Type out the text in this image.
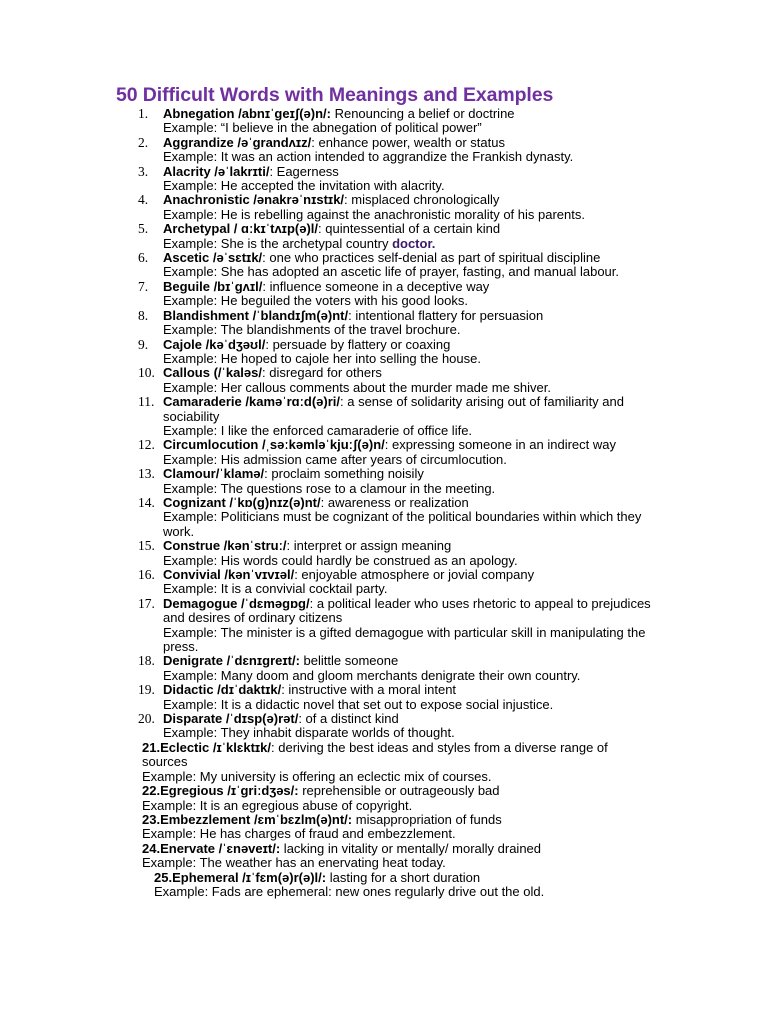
50 Difficult Words with Meanings and Examples
1. Abnegation /abnɪˈɡeɪʃ(ə)n/: Renouncing a belief or doctrine
Example: “I believe in the abnegation of political power”
2. Aggrandize /əˈɡrandʌɪz/: enhance power, wealth or status
Example: It was an action intended to aggrandize the Frankish dynasty.
3. Alacrity /əˈlakrɪti/: Eagerness
Example: He accepted the invitation with alacrity.
4. Anachronistic /ənakrəˈnɪstɪk/: misplaced chronologically
Example: He is rebelling against the anachronistic morality of his parents.
5. Archetypal / ɑːkɪˈtʌɪp(ə)l/: quintessential of a certain kind
Example: She is the archetypal country doctor.
6. Ascetic /əˈsɛtɪk/: one who practices self-denial as part of spiritual discipline
Example: She has adopted an ascetic life of prayer, fasting, and manual labour.
7. Beguile /bɪˈɡʌɪl/: influence someone in a deceptive way
Example: He beguiled the voters with his good looks.
8. Blandishment /ˈblandɪʃm(ə)nt/: intentional flattery for persuasion
Example: The blandishments of the travel brochure.
9. Cajole /kəˈdʒəʊl/: persuade by flattery or coaxing
Example: He hoped to cajole her into selling the house.
10. Callous (/ˈkaləs/: disregard for others
Example: Her callous comments about the murder made me shiver.
11. Camaraderie /kaməˈrɑːd(ə)ri/: a sense of solidarity arising out of familiarity and sociability
Example: I like the enforced camaraderie of office life.
12. Circumlocution /ˌsəːkəmləˈkjuːʃ(ə)n/: expressing someone in an indirect way
Example: His admission came after years of circumlocution.
13. Clamour/ˈklamə/: proclaim something noisily
Example: The questions rose to a clamour in the meeting.
14. Cognizant /ˈkɒ(ɡ)nɪz(ə)nt/: awareness or realization
Example: Politicians must be cognizant of the political boundaries within which they work.
15. Construe /kənˈstruː/: interpret or assign meaning
Example: His words could hardly be construed as an apology.
16. Convivial /kənˈvɪvɪəl/: enjoyable atmosphere or jovial company
Example: It is a convivial cocktail party.
17. Demagogue /ˈdɛməɡɒɡ/: a political leader who uses rhetoric to appeal to prejudices and desires of ordinary citizens
Example: The minister is a gifted demagogue with particular skill in manipulating the press.
18. Denigrate /ˈdɛnɪɡreɪt/: belittle someone
Example: Many doom and gloom merchants denigrate their own country.
19. Didactic /dɪˈdaktɪk/: instructive with a moral intent
Example: It is a didactic novel that set out to expose social injustice.
20. Disparate /ˈdɪsp(ə)rət/: of a distinct kind
Example: They inhabit disparate worlds of thought.
21.Eclectic /ɪˈklɛktɪk/: deriving the best ideas and styles from a diverse range of sources
Example: My university is offering an eclectic mix of courses.
22.Egregious /ɪˈɡriːdʒəs/: reprehensible or outrageously bad
Example: It is an egregious abuse of copyright.
23.Embezzlement /ɛmˈbɛzlm(ə)nt/: misappropriation of funds
Example: He has charges of fraud and embezzlement.
24.Enervate /ˈɛnəveɪt/: lacking in vitality or mentally/ morally drained
Example: The weather has an enervating heat today.
25.Ephemeral /ɪˈfɛm(ə)r(ə)l/: lasting for a short duration
Example: Fads are ephemeral: new ones regularly drive out the old.
